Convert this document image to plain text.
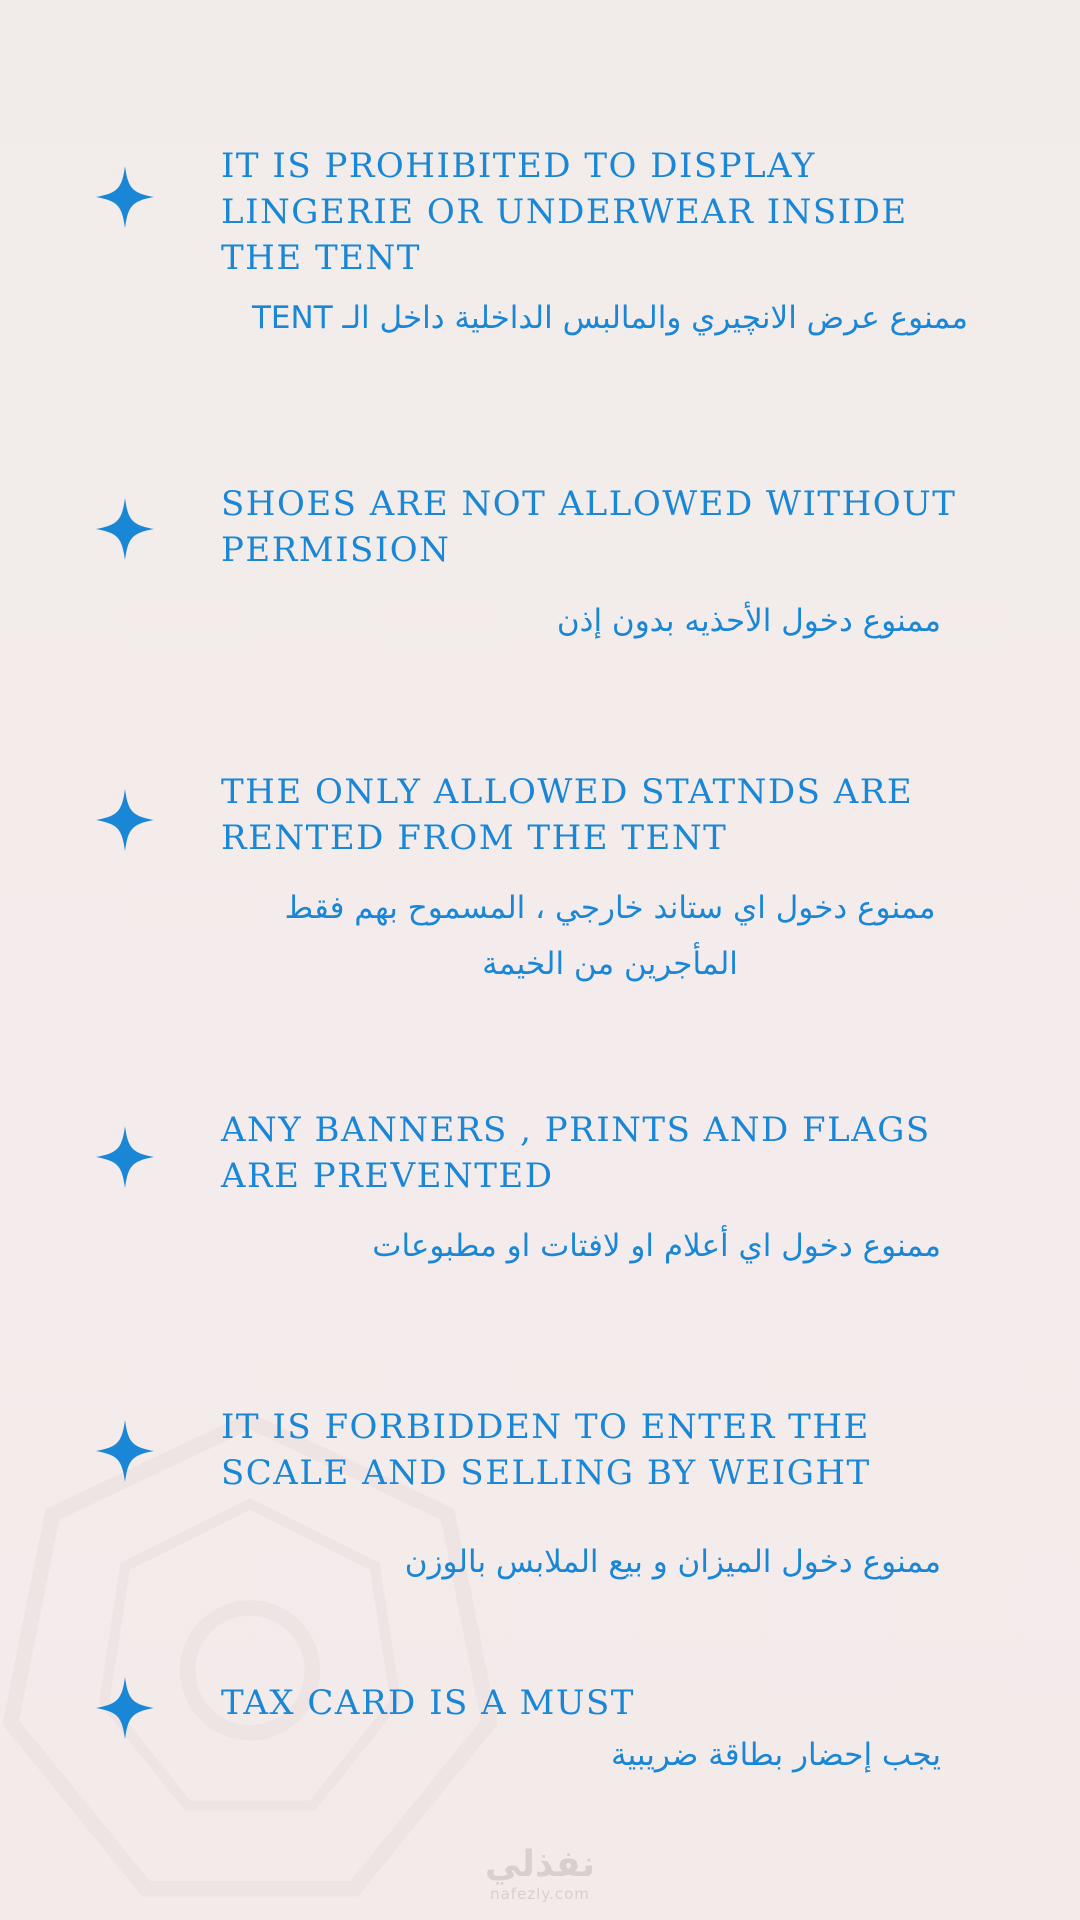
IT IS PROHIBITED TO DISPLAY LINGERIE OR UNDERWEAR INSIDE THE TENT

ممنوع عرض الانچيري والمالبس الداخلية داخل الـ TENT

SHOES ARE NOT ALLOWED WITHOUT PERMISION

ممنوع دخول الأحذيه بدون إذن

THE ONLY ALLOWED STATNDS ARE RENTED FROM THE TENT

ممنوع دخول اي ستاند خارجي ، المسموح بهم فقط المأجرين من الخيمة

ANY BANNERS , PRINTS AND FLAGS ARE PREVENTED

ممنوع دخول اي أعلام او لافتات او مطبوعات

IT IS FORBIDDEN TO ENTER THE SCALE AND SELLING BY WEIGHT

ممنوع دخول الميزان و بيع الملابس بالوزن

TAX CARD IS A MUST

يجب إحضار بطاقة ضريبية

نفذلي
nafezly.com
